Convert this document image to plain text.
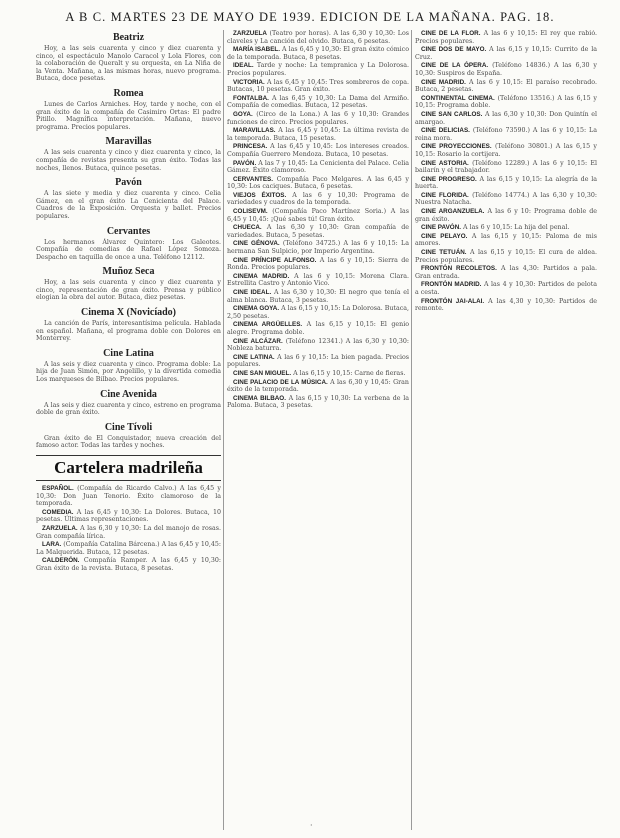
A B C. MARTES 23 DE MAYO DE 1939. EDICION DE LA MAÑANA. PAG. 18.
Beatriz

Hoy, a las seis cuarenta y cinco y diez cuarenta y cinco, el espectáculo Manolo Caracol y Lola Flores, con la colaboración de Queralt y su orquesta, en La Niña de la Venta. Mañana, a las mismas horas, nuevo programa. Butaca, doce pesetas.

Romea

Lunes de Carlos Arniches. Hoy, tarde y noche, con el gran éxito de la compañía de Casimiro Ortas: El padre Pitillo. Magnífica interpretación. Mañana, nuevo programa. Precios populares.

Maravillas

A las seis cuarenta y cinco y diez cuarenta y cinco, la compañía de revistas presenta su gran éxito. Todas las noches, llenos. Butaca, quince pesetas.

Pavón

A las siete y media y diez cuarenta y cinco. Celia Gámez, en el gran éxito La Cenicienta del Palace. Cuadros de la Exposición. Orquesta y ballet. Precios populares.

Cervantes

Los hermanos Álvarez Quintero: Los Galeotes. Compañía de comedias de Rafael López Somoza. Despacho en taquilla de once a una. Teléfono 12112.

Muñoz Seca

Hoy, a las seis cuarenta y cinco y diez cuarenta y cinco, representación de gran éxito. Prensa y público elogian la obra del autor. Butaca, diez pesetas.

Cinema X (Novicíado)

La canción de París, interesantísima película. Hablada en español. Mañana, el programa doble con Dolores en Monterrey.

Cine Latina

A las seis y diez cuarenta y cinco. Programa doble: La hija de Juan Simón, por Angelillo, y la divertida comedia Los marqueses de Bilbao. Precios populares.

Cine Avenida

A las seis y diez cuarenta y cinco, estreno en programa doble de gran éxito.

Cine Tívoli

Gran éxito de El Conquistador, nueva creación del famoso actor. Todas las tardes y noches.

Cartelera madrileña

ESPAÑOL. (Compañía de Ricardo Calvo.) A las 6,45 y 10,30: Don Juan Tenorio. Éxito clamoroso de la temporada.

COMEDIA. A las 6,45 y 10,30: La Dolores. Butaca, 10 pesetas. Últimas representaciones.

ZARZUELA. A las 6,30 y 10,30: La del manojo de rosas. Gran compañía lírica.

LARA. (Compañía Catalina Bárcena.) A las 6,45 y 10,45: La Malquerida. Butaca, 12 pesetas.

CALDERÓN. Compañía Ramper. A las 6,45 y 10,30: Gran éxito de la revista. Butaca, 8 pesetas.

ZARZUELA (Teatro por horas). A las 6,30 y 10,30: Los claveles y La canción del olvido. Butaca, 6 pesetas.

MARÍA ISABEL. A las 6,45 y 10,30: El gran éxito cómico de la temporada. Butaca, 8 pesetas.

IDEAL. Tarde y noche: La tempranica y La Dolorosa. Precios populares.

VICTORIA. A las 6,45 y 10,45: Tres sombreros de copa. Butacas, 10 pesetas. Gran éxito.

FONTALBA. A las 6,45 y 10,30: La Dama del Armiño. Compañía de comedias. Butaca, 12 pesetas.

GOYA. (Circo de la Lona.) A las 6 y 10,30: Grandes funciones de circo. Precios populares.

MARAVILLAS. A las 6,45 y 10,45: La última revista de la temporada. Butaca, 15 pesetas.

PRINCESA. A las 6,45 y 10,45: Los intereses creados. Compañía Guerrero Mendoza. Butaca, 10 pesetas.

PAVÓN. A las 7 y 10,45: La Cenicienta del Palace. Celia Gámez. Éxito clamoroso.

CERVANTES. Compañía Paco Melgares. A las 6,45 y 10,30: Los caciques. Butaca, 6 pesetas.

VIEJOS ÉXITOS. A las 6 y 10,30: Programa de variedades y cuadros de la temporada.

COLISEVM. (Compañía Paco Martínez Soria.) A las 6,45 y 10,45: ¡Qué sabes tú! Gran éxito.

CHUECA. A las 6,30 y 10,30: Gran compañía de variedades. Butaca, 5 pesetas.

CINE GÉNOVA. (Teléfono 34725.) A las 6 y 10,15: La hermana San Sulpicio, por Imperio Argentina.

CINE PRÍNCIPE ALFONSO. A las 6 y 10,15: Sierra de Ronda. Precios populares.

CINEMA MADRID. A las 6 y 10,15: Morena Clara. Estrellita Castro y Antonio Vico.

CINE IDEAL. A las 6,30 y 10,30: El negro que tenía el alma blanca. Butaca, 3 pesetas.

CINEMA GOYA. A las 6,15 y 10,15: La Dolorosa. Butaca, 2,50 pesetas.

CINEMA ARGÜELLES. A las 6,15 y 10,15: El genio alegre. Programa doble.

CINE ALCÁZAR. (Teléfono 12341.) A las 6,30 y 10,30: Nobleza baturra.

CINE LATINA. A las 6 y 10,15: La bien pagada. Precios populares.

CINE SAN MIGUEL. A las 6,15 y 10,15: Carne de fieras.

CINE PALACIO DE LA MÚSICA. A las 6,30 y 10,45: Gran éxito de la temporada.

CINEMA BILBAO. A las 6,15 y 10,30: La verbena de la Paloma. Butaca, 3 pesetas.

CINE DE LA FLOR. A las 6 y 10,15: El rey que rabió. Precios populares.

CINE DOS DE MAYO. A las 6,15 y 10,15: Currito de la Cruz.

CINE DE LA ÓPERA. (Teléfono 14836.) A las 6,30 y 10,30: Suspiros de España.

CINE MADRID. A las 6 y 10,15: El paraíso recobrado. Butaca, 2 pesetas.

CONTINENTAL CINEMA. (Teléfono 13516.) A las 6,15 y 10,15: Programa doble.

CINE SAN CARLOS. A las 6,30 y 10,30: Don Quintín el amargao.

CINE DELICIAS. (Teléfono 73590.) A las 6 y 10,15: La reina mora.

CINE PROYECCIONES. (Teléfono 30801.) A las 6,15 y 10,15: Rosario la cortijera.

CINE ASTORIA. (Teléfono 12289.) A las 6 y 10,15: El bailarín y el trabajador.

CINE PROGRESO. A las 6,15 y 10,15: La alegría de la huerta.

CINE FLORIDA. (Teléfono 14774.) A las 6,30 y 10,30: Nuestra Natacha.

CINE ARGANZUELA. A las 6 y 10: Programa doble de gran éxito.

CINE PAVÓN. A las 6 y 10,15: La hija del penal.

CINE PELAYO. A las 6,15 y 10,15: Paloma de mis amores.

CINE TETUÁN. A las 6,15 y 10,15: El cura de aldea. Precios populares.

FRONTÓN RECOLETOS. A las 4,30: Partidos a pala. Gran entrada.

FRONTÓN MADRID. A las 4 y 10,30: Partidos de pelota a cesta.

FRONTÓN JAI-ALAI. A las 4,30 y 10,30: Partidos de remonte.

·
